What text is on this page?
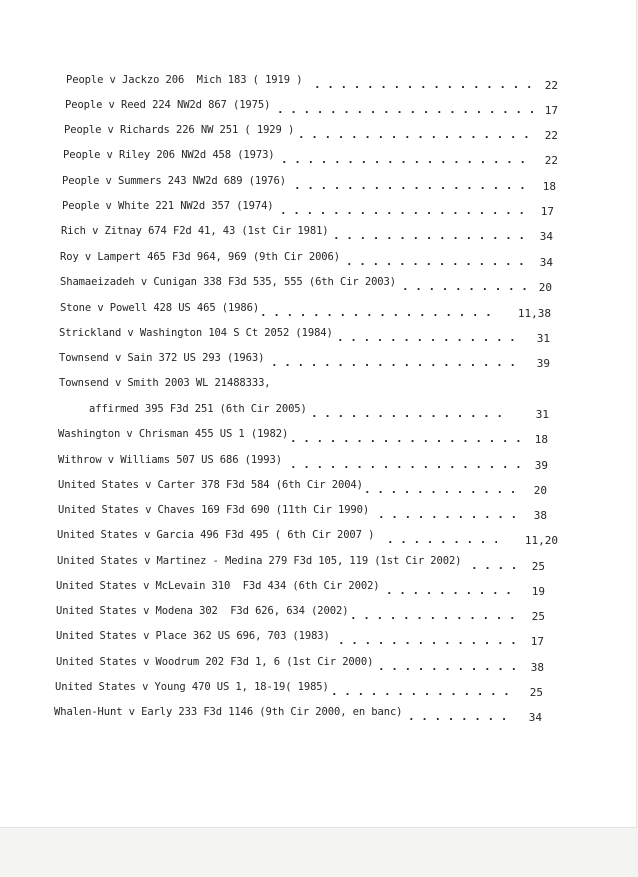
People v Jackzo 206  Mich 183 ( 1919 ) . .	22
People v Reed 224 NW2d 867 (1975) . .	17
People v Richards 226 NW 251 ( 1929 ) . .	22
People v Riley 206 NW2d 458 (1973) . .	22
People v Summers 243 NW2d 689 (1976) . .	18
People v White 221 NW2d 357 (1974) . .	17
Rich v Zitnay 674 F2d 41, 43 (1st Cir 1981) . .	34
Roy v Lampert 465 F3d 964, 969 (9th Cir 2006) . .	34
Shamaeizadeh v Cunigan 338 F3d 535, 555 (6th Cir 2003) . .	20
Stone v Powell 428 US 465 (1986) . .	11,38
Strickland v Washington 104 S Ct 2052 (1984) . .	31
Townsend v Sain 372 US 293 (1963) . .	39
Townsend v Smith 2003 WL 21488333,
affirmed 395 F3d 251 (6th Cir 2005) . .	31
Washington v Chrisman 455 US 1 (1982) . .	18
Withrow v Williams 507 US 686 (1993) . .	39
United States v Carter 378 F3d 584 (6th Cir 2004) . .	20
United States v Chaves 169 F3d 690 (11th Cir 1990) . .	38
United States v Garcia 496 F3d 495 ( 6th Cir 2007 ) . .	11,20
United States v Martinez - Medina 279 F3d 105, 119 (1st Cir 2002) . .	25
United States v McLevain 310  F3d 434 (6th Cir 2002) . .	19
United States v Modena 302  F3d 626, 634 (2002) . .	25
United States v Place 362 US 696, 703 (1983) . .	17
United States v Woodrum 202 F3d 1, 6 (1st Cir 2000) . .	38
United States v Young 470 US 1, 18-19( 1985) . .	25
Whalen-Hunt v Early 233 F3d 1146 (9th Cir 2000, en banc) . .	34
